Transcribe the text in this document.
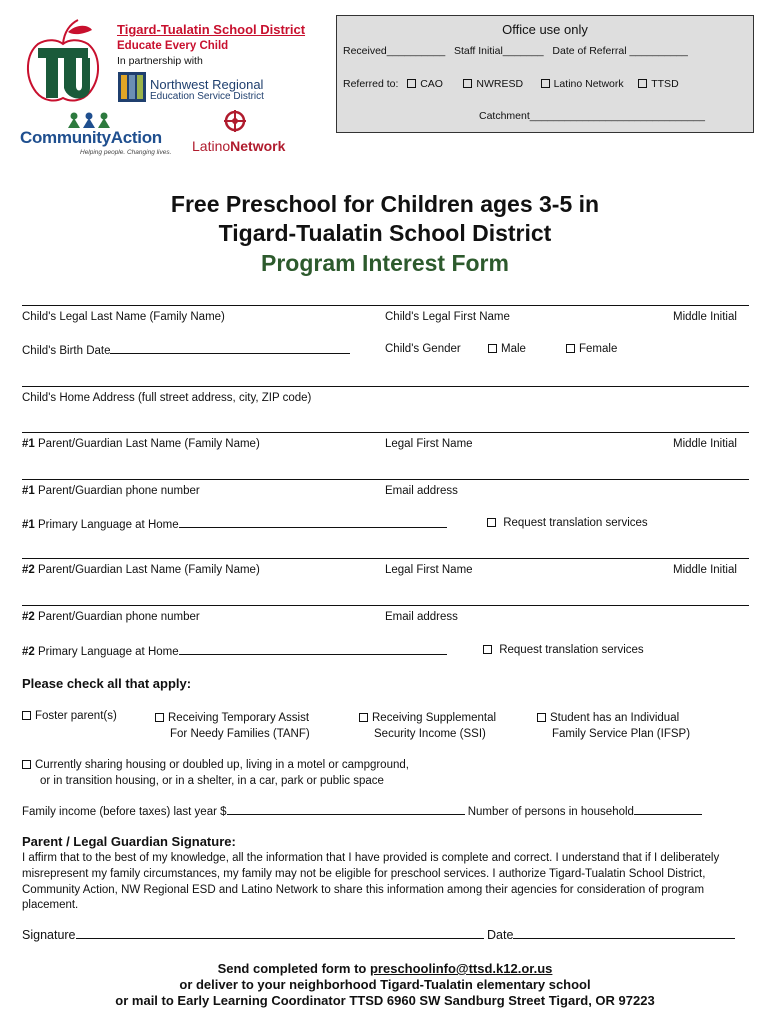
Tigard-Tualatin School District
Educate Every Child
In partnership with
Northwest Regional
Education Service District
CommunityAction
Helping people. Changing lives. LatinoNetwork
Received__________ Staff Initial_______ Date of Referral __________
Referred to: CAO	NWRESD	Latino Network	TTSD
Catchment______________________________
Office use only
Free Preschool for Children ages 3-5 in
Tigard-Tualatin School District
Program Interest Form
Child's Legal Last Name (Family Name)	Child's Legal First Name	Middle Initial
Child's Birth Date	Child's Gender	Male	Female
Child's Home Address (full street address, city, ZIP code)
#1 Parent/Guardian Last Name (Family Name)	Legal First Name	Middle Initial
#1 Parent/Guardian phone number	Email address
#1 Primary Language at Home	Request translation services
#2 Parent/Guardian Last Name (Family Name)	Legal First Name	Middle Initial
#2 Parent/Guardian phone number	Email address
#2 Primary Language at Home	Request translation services
Please check all that apply:
Foster parent(s)	Receiving Temporary Assist
For Needy Families (TANF)
Receiving Supplemental
Security Income (SSI)
Student has an Individual
Family Service Plan (IFSP)
Currently sharing housing or doubled up, living in a motel or campground,
or in transition housing, or in a shelter, in a car, park or public space
Family income (before taxes) last year $	Number of persons in household
Parent / Legal Guardian Signature:
I affirm that to the best of my knowledge, all the information that I have provided is complete and correct. I understand that if I deliberately misrepresent my family circumstances, my family may not be eligible for preschool services. I authorize Tigard-Tualatin School District, Community Action, NW Regional ESD and Latino Network to share this information among their agencies for consideration of program placement.
Signature	Date
Send completed form to preschoolinfo@ttsd.k12.or.us
or deliver to your neighborhood Tigard-Tualatin elementary school
or mail to Early Learning Coordinator TTSD 6960 SW Sandburg Street Tigard, OR 97223
